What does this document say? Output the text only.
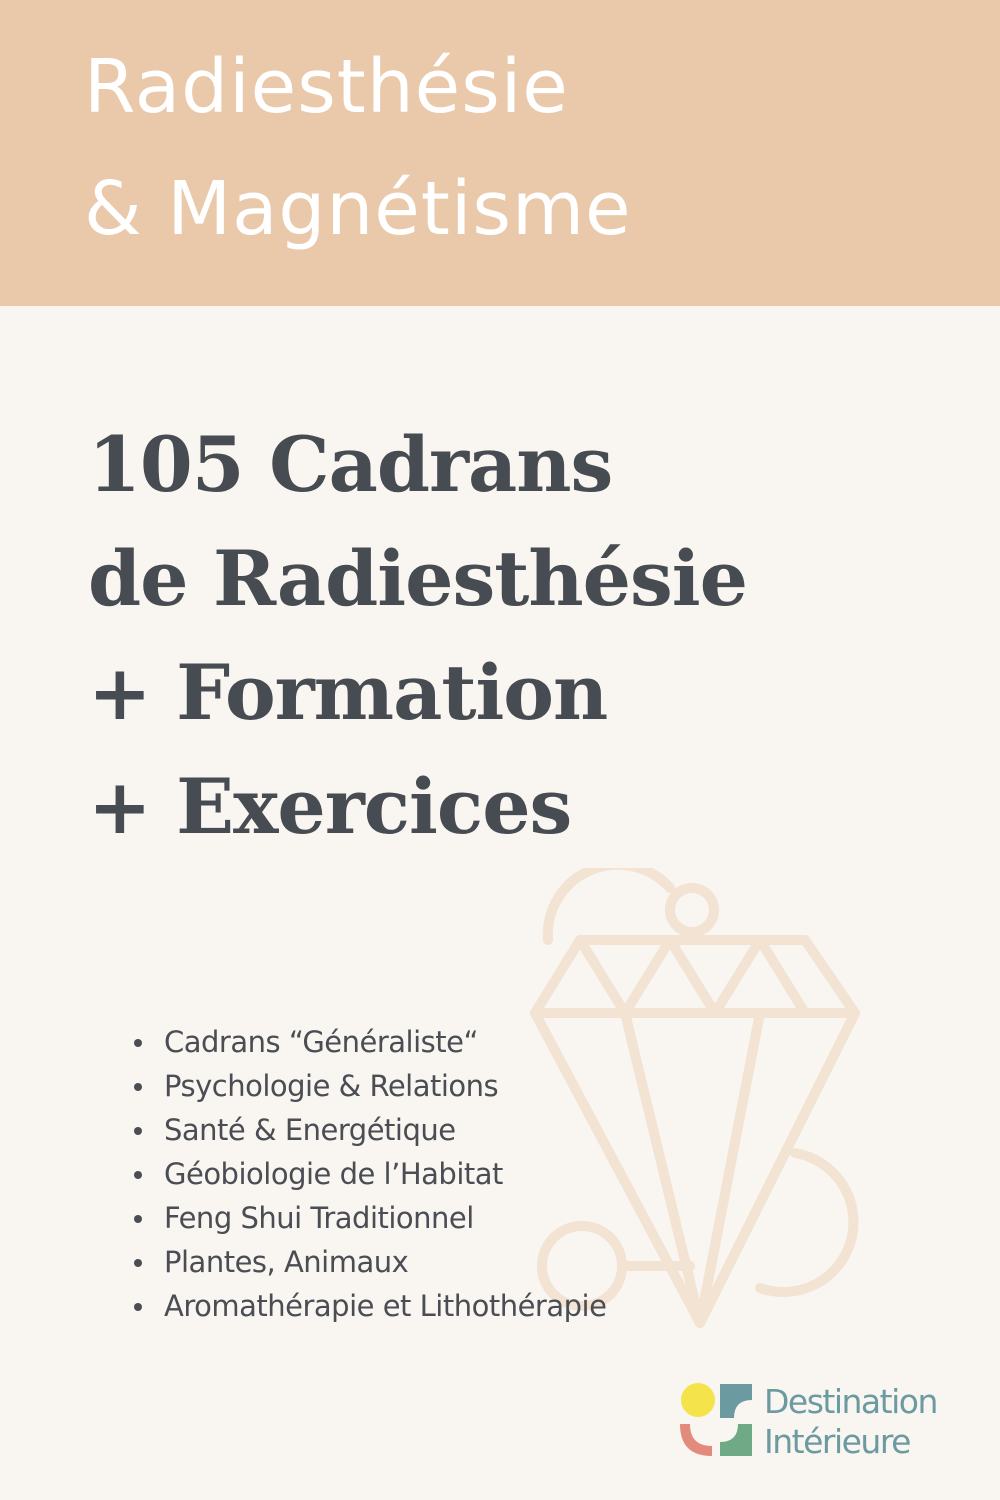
Radiesthésie
& Magnétisme
105 Cadrans
de Radiesthésie
+ Formation
+ Exercices
Cadrans “Généraliste“
Psychologie & Relations
Santé & Energétique
Géobiologie de l’Habitat
Feng Shui Traditionnel
Plantes, Animaux
Aromathérapie et Lithothérapie
Destination
Intérieure
